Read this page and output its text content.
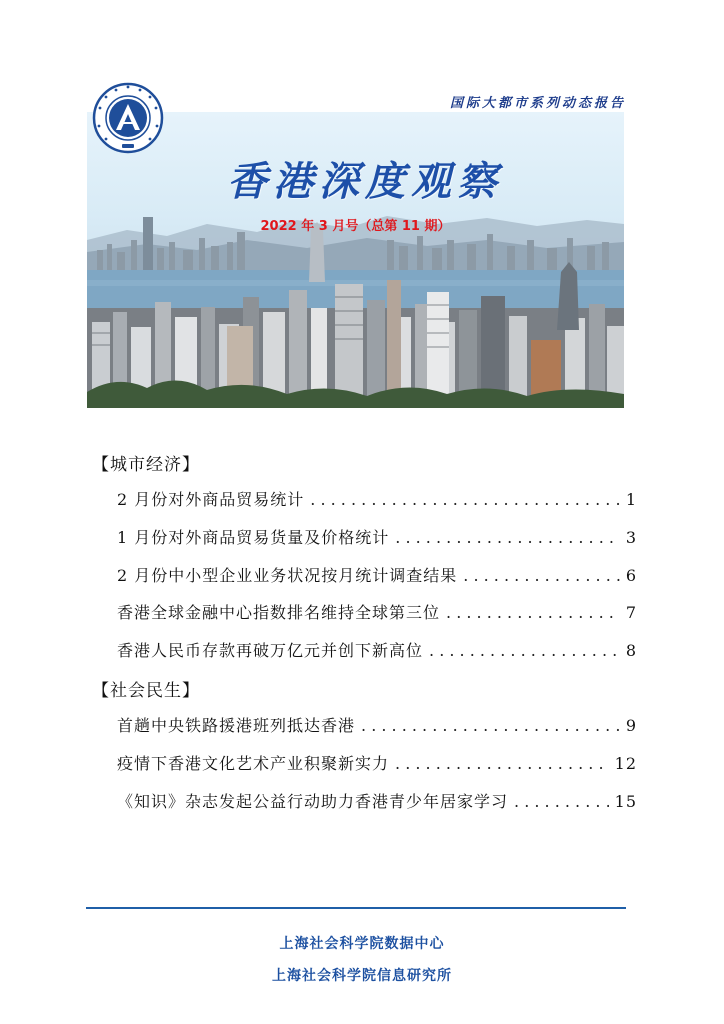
国际大都市系列动态报告
香港深度观察
2022 年 3 月号（总第 11 期）
【城市经济】
2 月份对外商品贸易统计 . . .	1
1 月份对外商品贸易货量及价格统计 . . .	3
2 月份中小型企业业务状况按月统计调查结果 . . .	6
香港全球金融中心指数排名维持全球第三位 . . .	7
香港人民币存款再破万亿元并创下新高位 . . .	8
【社会民生】
首趟中央铁路援港班列抵达香港 . . .	9
疫情下香港文化艺术产业积聚新实力 . . .	12
《知识》杂志发起公益行动助力香港青少年居家学习 . . .	15
上海社会科学院数据中心
上海社会科学院信息研究所
